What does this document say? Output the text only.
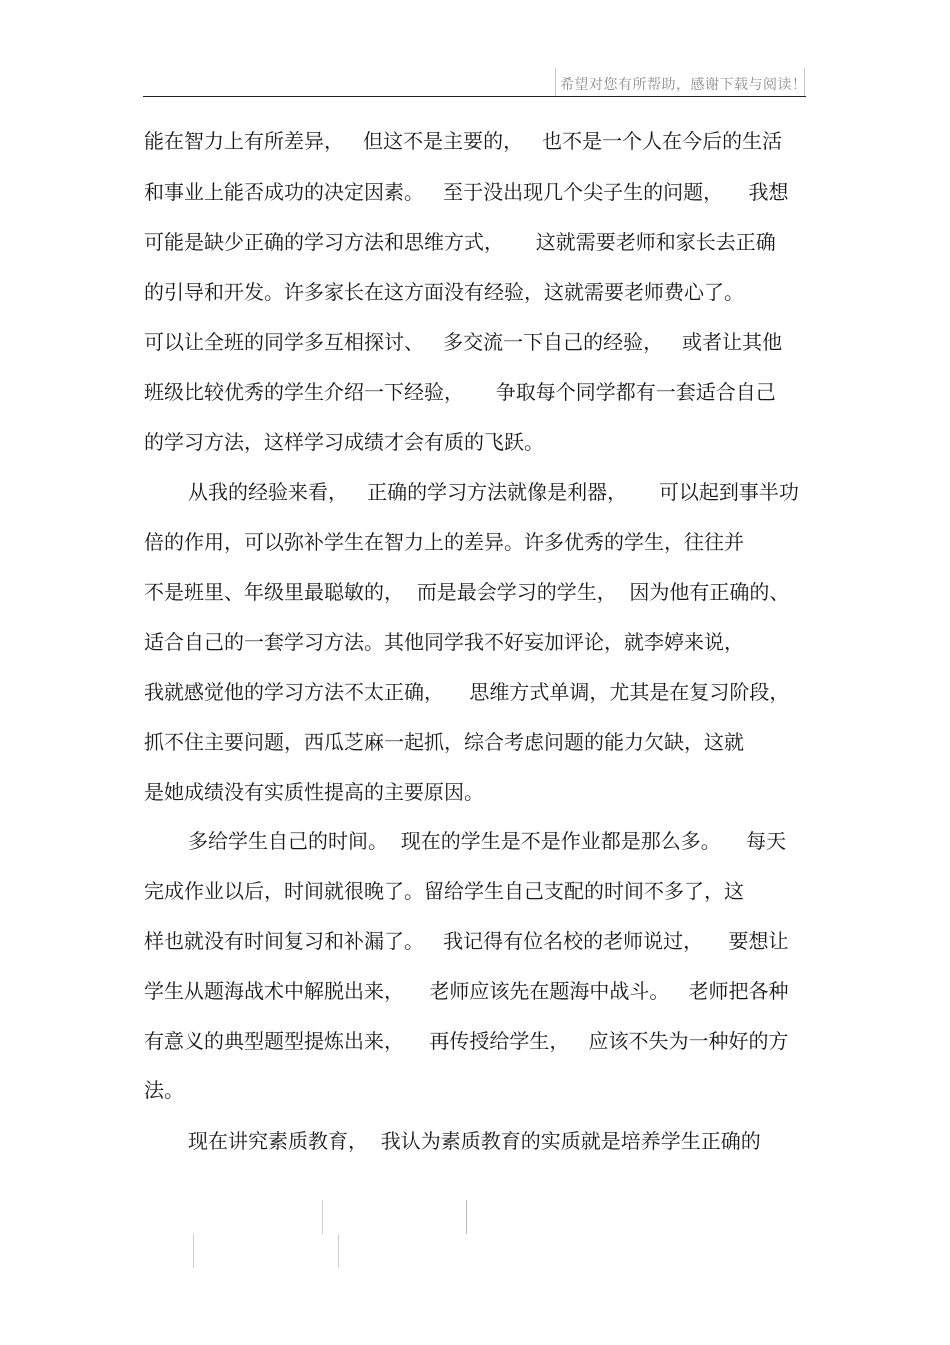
希望对您有所帮助，感谢下载与阅读！
能在智力上有所差异，   但这不是主要的，   也不是一个人在今后的生活
和事业上能否成功的决定因素。   至于没出现几个尖子生的问题，    我想
可能是缺少正确的学习方法和思维方式，     这就需要老师和家长去正确
的引导和开发。许多家长在这方面没有经验，这就需要老师费心了。
可以让全班的同学多互相探讨、   多交流一下自己的经验，   或者让其他
班级比较优秀的学生介绍一下经验，     争取每个同学都有一套适合自己
的学习方法，这样学习成绩才会有质的飞跃。
从我的经验来看，   正确的学习方法就像是利器，     可以起到事半功
倍的作用，可以弥补学生在智力上的差异。许多优秀的学生，往往并
不是班里、年级里最聪敏的，  而是最会学习的学生，  因为他有正确的、
适合自己的一套学习方法。其他同学我不好妄加评论，就李婷来说，
我就感觉他的学习方法不太正确，    思维方式单调，尤其是在复习阶段，
抓不住主要问题，西瓜芝麻一起抓，综合考虑问题的能力欠缺，这就
是她成绩没有实质性提高的主要原因。
多给学生自己的时间。  现在的学生是不是作业都是那么多。    每天
完成作业以后，时间就很晚了。留给学生自己支配的时间不多了，这
样也就没有时间复习和补漏了。   我记得有位名校的老师说过，    要想让
学生从题海战术中解脱出来，    老师应该先在题海中战斗。   老师把各种
有意义的典型题型提炼出来，    再传授给学生，   应该不失为一种好的方
法。
现在讲究素质教育，  我认为素质教育的实质就是培养学生正确的
